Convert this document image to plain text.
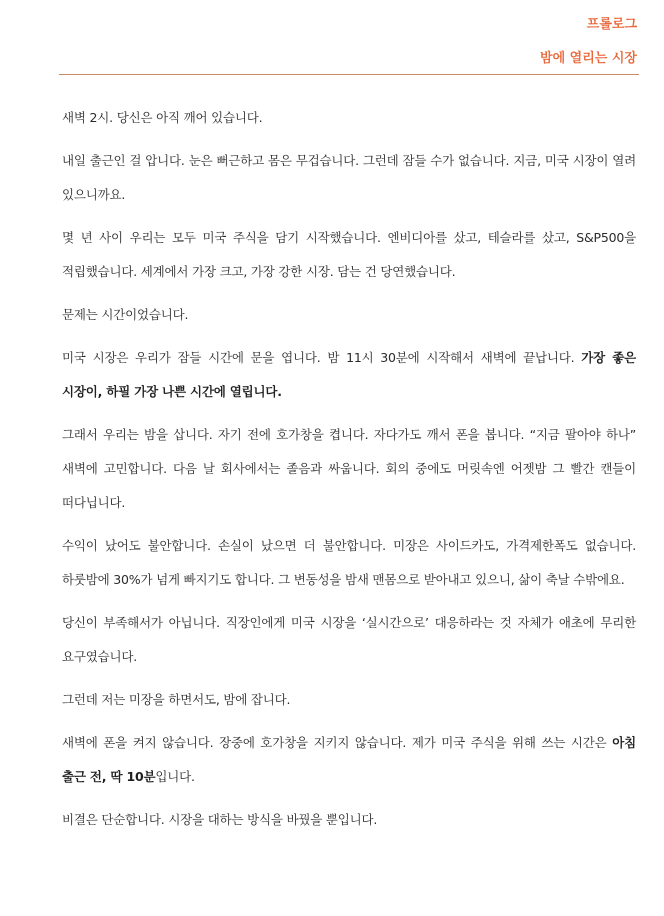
프롤로그

밤에 열리는 시장

새벽 2시. 당신은 아직 깨어 있습니다.

내일 출근인 걸 압니다. 눈은 뻐근하고 몸은 무겁습니다. 그런데 잠들 수가 없습니다. 지금, 미국 시장이 열려 있으니까요.

몇 년 사이 우리는 모두 미국 주식을 담기 시작했습니다. 엔비디아를 샀고, 테슬라를 샀고, S&P500을 적립했습니다. 세계에서 가장 크고, 가장 강한 시장. 담는 건 당연했습니다.

문제는 시간이었습니다.

미국 시장은 우리가 잠들 시간에 문을 엽니다. 밤 11시 30분에 시작해서 새벽에 끝납니다. 가장 좋은 시장이, 하필 가장 나쁜 시간에 열립니다.

그래서 우리는 밤을 삽니다. 자기 전에 호가창을 켭니다. 자다가도 깨서 폰을 봅니다. “지금 팔아야 하나” 새벽에 고민합니다. 다음 날 회사에서는 졸음과 싸웁니다. 회의 중에도 머릿속엔 어젯밤 그 빨간 캔들이 떠다닙니다.

수익이 났어도 불안합니다. 손실이 났으면 더 불안합니다. 미장은 사이드카도, 가격제한폭도 없습니다. 하룻밤에 30%가 넘게 빠지기도 합니다. 그 변동성을 밤새 맨몸으로 받아내고 있으니, 삶이 축날 수밖에요.

당신이 부족해서가 아닙니다. 직장인에게 미국 시장을 ‘실시간으로’ 대응하라는 것 자체가 애초에 무리한 요구였습니다.

그런데 저는 미장을 하면서도, 밤에 잡니다.

새벽에 폰을 켜지 않습니다. 장중에 호가창을 지키지 않습니다. 제가 미국 주식을 위해 쓰는 시간은 아침 출근 전, 딱 10분입니다.

비결은 단순합니다. 시장을 대하는 방식을 바꿨을 뿐입니다.
